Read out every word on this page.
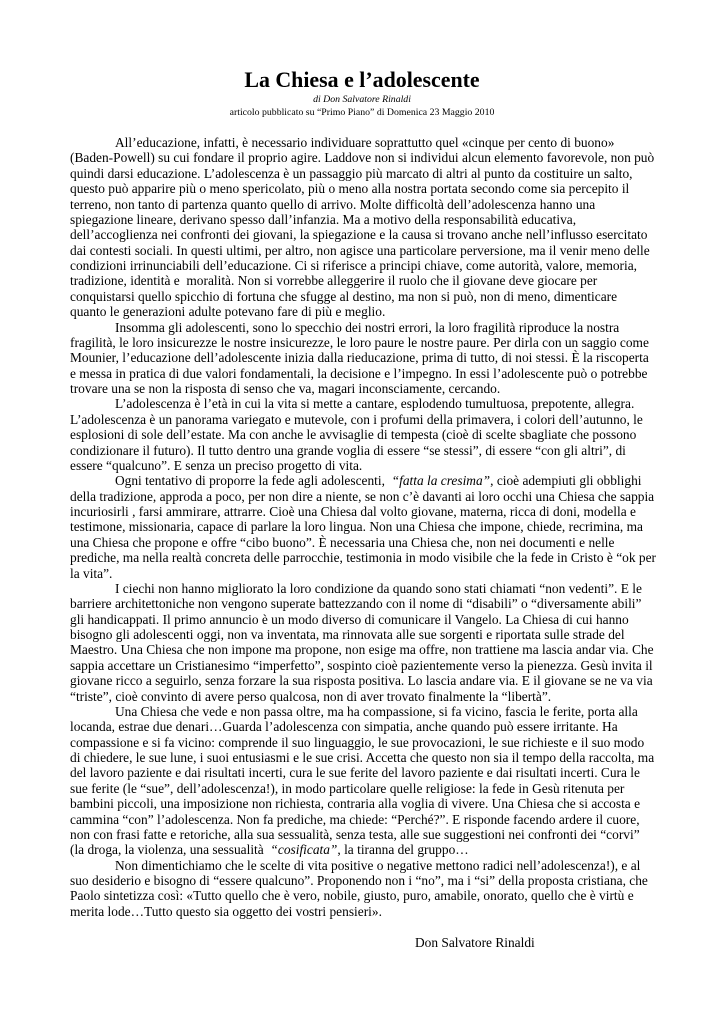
La Chiesa e l’adolescente
di Don Salvatore Rinaldi
articolo pubblicato su “Primo Piano” di Domenica 23 Maggio 2010
All’educazione, infatti, è necessario individuare soprattutto quel «cinque per cento di buono»
(Baden-Powell) su cui fondare il proprio agire. Laddove non si individui alcun elemento favorevole, non può
quindi darsi educazione. L’adolescenza è un passaggio più marcato di altri al punto da costituire un salto,
questo può apparire più o meno spericolato, più o meno alla nostra portata secondo come sia percepito il
terreno, non tanto di partenza quanto quello di arrivo. Molte difficoltà dell’adolescenza hanno una
spiegazione lineare, derivano spesso dall’infanzia. Ma a motivo della responsabilità educativa,
dell’accoglienza nei confronti dei giovani, la spiegazione e la causa si trovano anche nell’influsso esercitato
dai contesti sociali. In questi ultimi, per altro, non agisce una particolare perversione, ma il venir meno delle
condizioni irrinunciabili dell’educazione. Ci si riferisce a principi chiave, come autorità, valore, memoria,
tradizione, identità e  moralità. Non si vorrebbe alleggerire il ruolo che il giovane deve giocare per
conquistarsi quello spicchio di fortuna che sfugge al destino, ma non si può, non di meno, dimenticare
quanto le generazioni adulte potevano fare di più e meglio.
Insomma gli adolescenti, sono lo specchio dei nostri errori, la loro fragilità riproduce la nostra
fragilità, le loro insicurezze le nostre insicurezze, le loro paure le nostre paure. Per dirla con un saggio come
Mounier, l’educazione dell’adolescente inizia dalla rieducazione, prima di tutto, di noi stessi. È la riscoperta
e messa in pratica di due valori fondamentali, la decisione e l’impegno. In essi l’adolescente può o potrebbe
trovare una se non la risposta di senso che va, magari inconsciamente, cercando.
L’adolescenza è l’età in cui la vita si mette a cantare, esplodendo tumultuosa, prepotente, allegra.
L’adolescenza è un panorama variegato e mutevole, con i profumi della primavera, i colori dell’autunno, le
esplosioni di sole dell’estate. Ma con anche le avvisaglie di tempesta (cioè di scelte sbagliate che possono
condizionare il futuro). Il tutto dentro una grande voglia di essere “se stessi”, di essere “con gli altri”, di
essere “qualcuno”. E senza un preciso progetto di vita.
Ogni tentativo di proporre la fede agli adolescenti,  “fatta la cresima”, cioè adempiuti gli obblighi
della tradizione, approda a poco, per non dire a niente, se non c’è davanti ai loro occhi una Chiesa che sappia
incuriosirli , farsi ammirare, attrarre. Cioè una Chiesa dal volto giovane, materna, ricca di doni, modella e
testimone, missionaria, capace di parlare la loro lingua. Non una Chiesa che impone, chiede, recrimina, ma
una Chiesa che propone e offre “cibo buono”. È necessaria una Chiesa che, non nei documenti e nelle
prediche, ma nella realtà concreta delle parrocchie, testimonia in modo visibile che la fede in Cristo è “ok per
la vita”.
I ciechi non hanno migliorato la loro condizione da quando sono stati chiamati “non vedenti”. E le
barriere architettoniche non vengono superate battezzando con il nome di “disabili” o “diversamente abili”
gli handicappati. Il primo annuncio è un modo diverso di comunicare il Vangelo. La Chiesa di cui hanno
bisogno gli adolescenti oggi, non va inventata, ma rinnovata alle sue sorgenti e riportata sulle strade del
Maestro. Una Chiesa che non impone ma propone, non esige ma offre, non trattiene ma lascia andar via. Che
sappia accettare un Cristianesimo “imperfetto”, sospinto cioè pazientemente verso la pienezza. Gesù invita il
giovane ricco a seguirlo, senza forzare la sua risposta positiva. Lo lascia andare via. E il giovane se ne va via
“triste”, cioè convinto di avere perso qualcosa, non di aver trovato finalmente la “libertà”.
Una Chiesa che vede e non passa oltre, ma ha compassione, si fa vicino, fascia le ferite, porta alla
locanda, estrae due denari…Guarda l’adolescenza con simpatia, anche quando può essere irritante. Ha
compassione e si fa vicino: comprende il suo linguaggio, le sue provocazioni, le sue richieste e il suo modo
di chiedere, le sue lune, i suoi entusiasmi e le sue crisi. Accetta che questo non sia il tempo della raccolta, ma
del lavoro paziente e dai risultati incerti, cura le sue ferite del lavoro paziente e dai risultati incerti. Cura le
sue ferite (le “sue”, dell’adolescenza!), in modo particolare quelle religiose: la fede in Gesù ritenuta per
bambini piccoli, una imposizione non richiesta, contraria alla voglia di vivere. Una Chiesa che si accosta e
cammina “con” l’adolescenza. Non fa prediche, ma chiede: “Perché?”. E risponde facendo ardere il cuore,
non con frasi fatte e retoriche, alla sua sessualità, senza testa, alle sue suggestioni nei confronti dei “corvi”
(la droga, la violenza, una sessualità  “cosificata”, la tiranna del gruppo…
Non dimentichiamo che le scelte di vita positive o negative mettono radici nell’adolescenza!), e al
suo desiderio e bisogno di “essere qualcuno”. Proponendo non i “no”, ma i “si” della proposta cristiana, che
Paolo sintetizza così: «Tutto quello che è vero, nobile, giusto, puro, amabile, onorato, quello che è virtù e
merita lode…Tutto questo sia oggetto dei vostri pensieri».
Don Salvatore Rinaldi
